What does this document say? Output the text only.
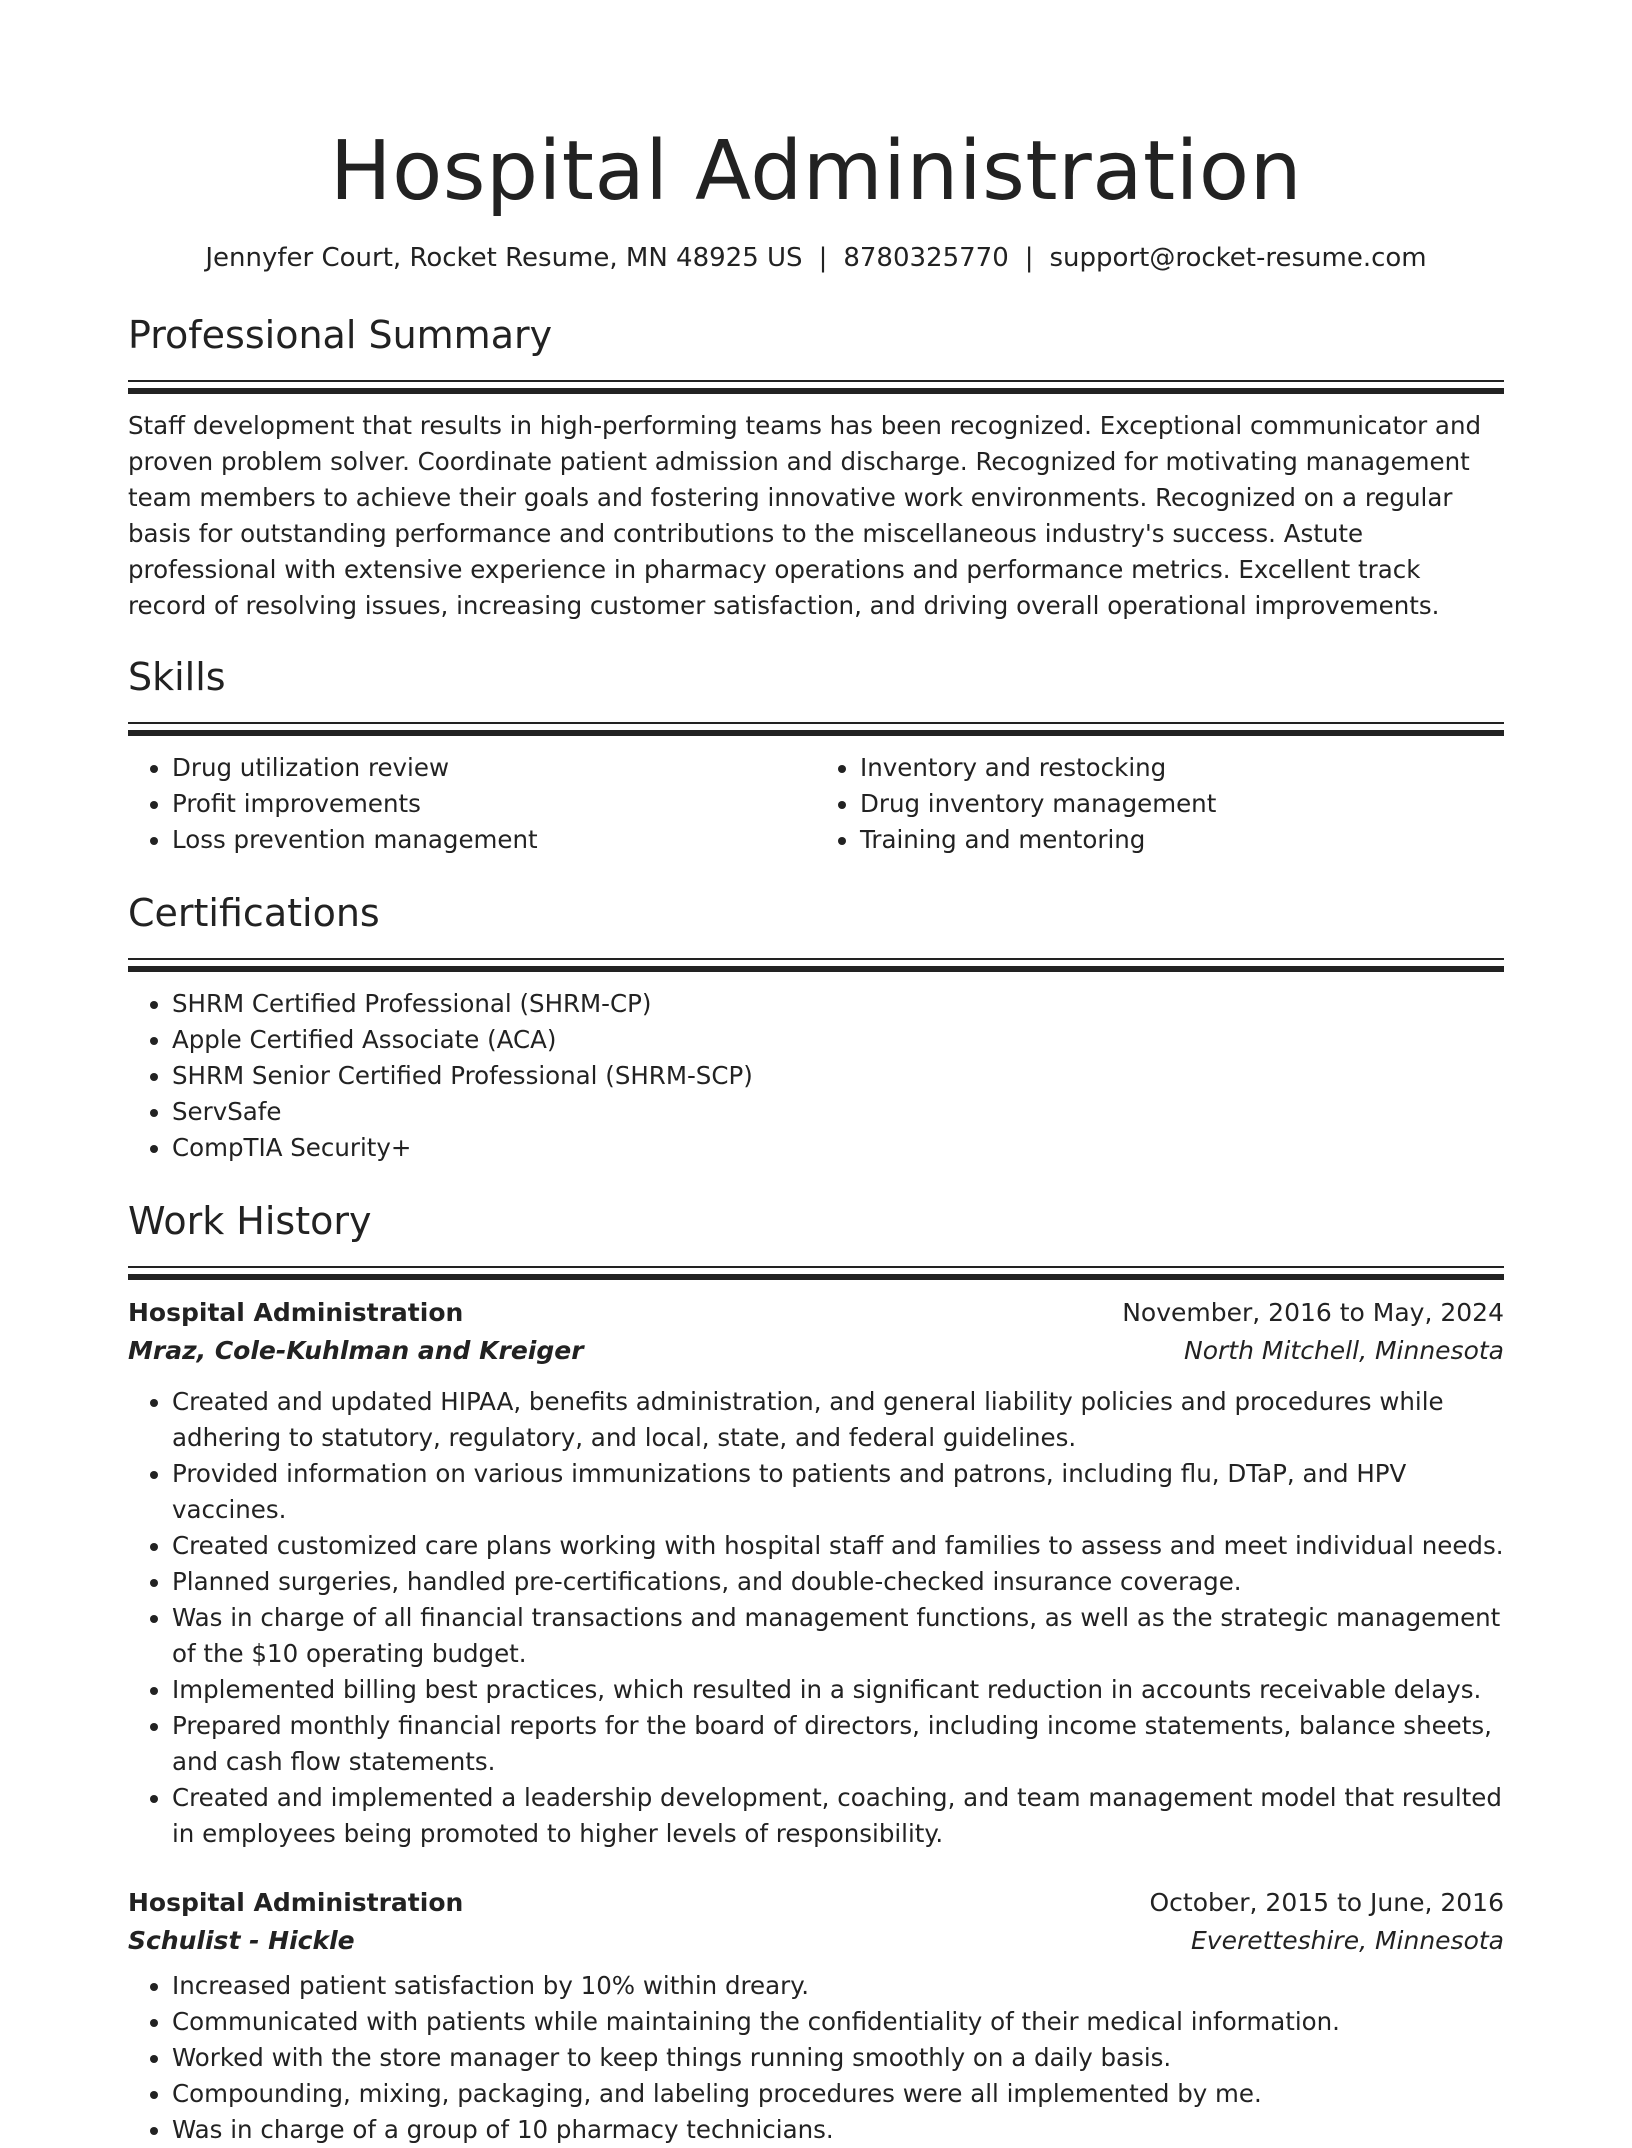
Hospital Administration
Jennyfer Court, Rocket Resume, MN 48925 US | 8780325770 | support@rocket-resume.com
Professional Summary

Staff development that results in high-performing teams has been recognized. Exceptional communicator and proven problem solver. Coordinate patient admission and discharge. Recognized for motivating management team members to achieve their goals and fostering innovative work environments. Recognized on a regular basis for outstanding performance and contributions to the miscellaneous industry's success. Astute professional with extensive experience in pharmacy operations and performance metrics. Excellent track record of resolving issues, increasing customer satisfaction, and driving overall operational improvements.

Skills
• Drug utilization review
• Profit improvements
• Loss prevention management
• Inventory and restocking
• Drug inventory management
• Training and mentoring
Certifications
• SHRM Certified Professional (SHRM-CP)
• Apple Certified Associate (ACA)
• SHRM Senior Certified Professional (SHRM-SCP)
• ServSafe
• CompTIA Security+
Work History
Hospital Administration	November, 2016 to May, 2024
Mraz, Cole-Kuhlman and Kreiger	North Mitchell, Minnesota
• Created and updated HIPAA, benefits administration, and general liability policies and procedures while adhering to statutory, regulatory, and local, state, and federal guidelines.
• Provided information on various immunizations to patients and patrons, including flu, DTaP, and HPV vaccines.
• Created customized care plans working with hospital staff and families to assess and meet individual needs.
• Planned surgeries, handled pre-certifications, and double-checked insurance coverage.
• Was in charge of all financial transactions and management functions, as well as the strategic management of the $10 operating budget.
• Implemented billing best practices, which resulted in a significant reduction in accounts receivable delays.
• Prepared monthly financial reports for the board of directors, including income statements, balance sheets, and cash flow statements.
• Created and implemented a leadership development, coaching, and team management model that resulted in employees being promoted to higher levels of responsibility.
Hospital Administration	October, 2015 to June, 2016
Schulist - Hickle	Everetteshire, Minnesota
• Increased patient satisfaction by 10% within dreary.
• Communicated with patients while maintaining the confidentiality of their medical information.
• Worked with the store manager to keep things running smoothly on a daily basis.
• Compounding, mixing, packaging, and labeling procedures were all implemented by me.
• Was in charge of a group of 10 pharmacy technicians.
